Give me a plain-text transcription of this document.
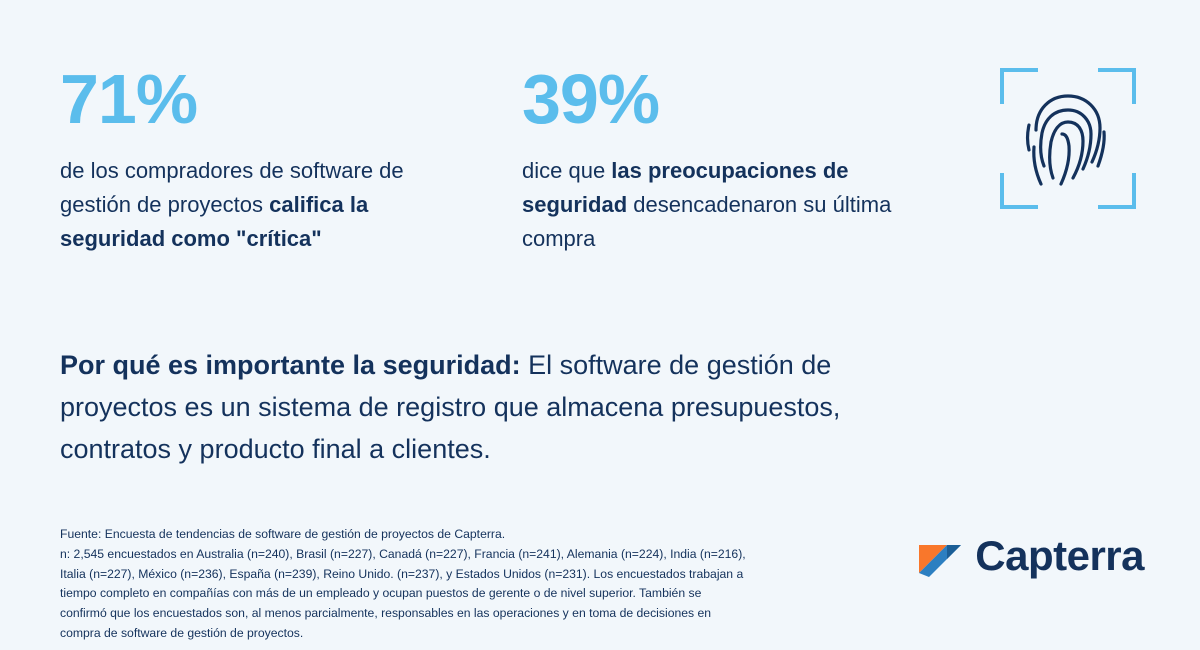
71%
de los compradores de software de gestión de proyectos califica la seguridad como "crítica"
39%
dice que las preocupaciones de seguridad desencadenaron su última compra
Por qué es importante la seguridad: El software de gestión de proyectos es un sistema de registro que almacena presupuestos, contratos y producto final a clientes.
Fuente: Encuesta de tendencias de software de gestión de proyectos de Capterra.
n: 2,545 encuestados en Australia (n=240), Brasil (n=227), Canadá (n=227), Francia (n=241), Alemania (n=224), India (n=216),
Italia (n=227), México (n=236), España (n=239), Reino Unido. (n=237), y Estados Unidos (n=231). Los encuestados trabajan a
tiempo completo en compañías con más de un empleado y ocupan puestos de gerente o de nivel superior. También se
confirmó que los encuestados son, al menos parcialmente, responsables en las operaciones y en toma de decisiones en
compra de software de gestión de proyectos.
Capterra
